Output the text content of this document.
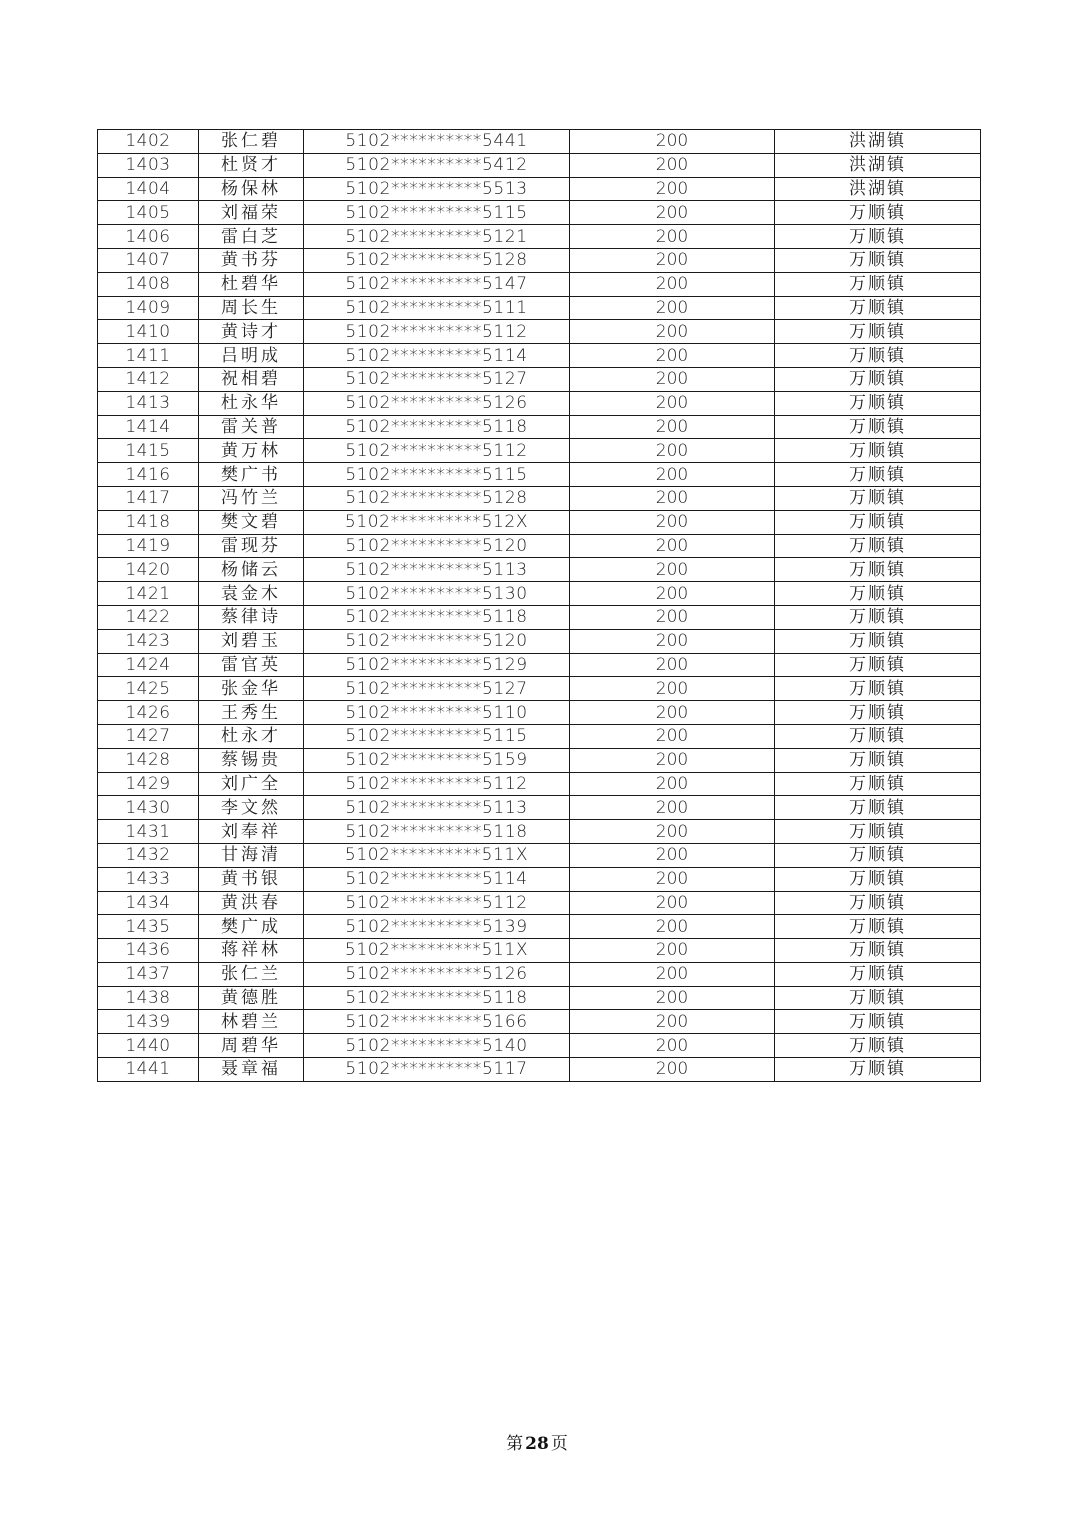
1402	张仁碧	5102**********5441	200	洪湖镇
1403	杜贤才	5102**********5412	200	洪湖镇
1404	杨保林	5102**********5513	200	洪湖镇
1405	刘福荣	5102**********5115	200	万顺镇
1406	雷白芝	5102**********5121	200	万顺镇
1407	黄书芬	5102**********5128	200	万顺镇
1408	杜碧华	5102**********5147	200	万顺镇
1409	周长生	5102**********5111	200	万顺镇
1410	黄诗才	5102**********5112	200	万顺镇
1411	吕明成	5102**********5114	200	万顺镇
1412	祝相碧	5102**********5127	200	万顺镇
1413	杜永华	5102**********5126	200	万顺镇
1414	雷关普	5102**********5118	200	万顺镇
1415	黄万林	5102**********5112	200	万顺镇
1416	樊广书	5102**********5115	200	万顺镇
1417	冯竹兰	5102**********5128	200	万顺镇
1418	樊文碧	5102**********512X	200	万顺镇
1419	雷现芬	5102**********5120	200	万顺镇
1420	杨储云	5102**********5113	200	万顺镇
1421	袁金木	5102**********5130	200	万顺镇
1422	蔡律诗	5102**********5118	200	万顺镇
1423	刘碧玉	5102**********5120	200	万顺镇
1424	雷官英	5102**********5129	200	万顺镇
1425	张金华	5102**********5127	200	万顺镇
1426	王秀生	5102**********5110	200	万顺镇
1427	杜永才	5102**********5115	200	万顺镇
1428	蔡锡贵	5102**********5159	200	万顺镇
1429	刘广全	5102**********5112	200	万顺镇
1430	李文然	5102**********5113	200	万顺镇
1431	刘奉祥	5102**********5118	200	万顺镇
1432	甘海清	5102**********511X	200	万顺镇
1433	黄书银	5102**********5114	200	万顺镇
1434	黄洪春	5102**********5112	200	万顺镇
1435	樊广成	5102**********5139	200	万顺镇
1436	蒋祥林	5102**********511X	200	万顺镇
1437	张仁兰	5102**********5126	200	万顺镇
1438	黄德胜	5102**********5118	200	万顺镇
1439	林碧兰	5102**********5166	200	万顺镇
1440	周碧华	5102**********5140	200	万顺镇
1441	聂章福	5102**********5117	200	万顺镇
第 28 页
